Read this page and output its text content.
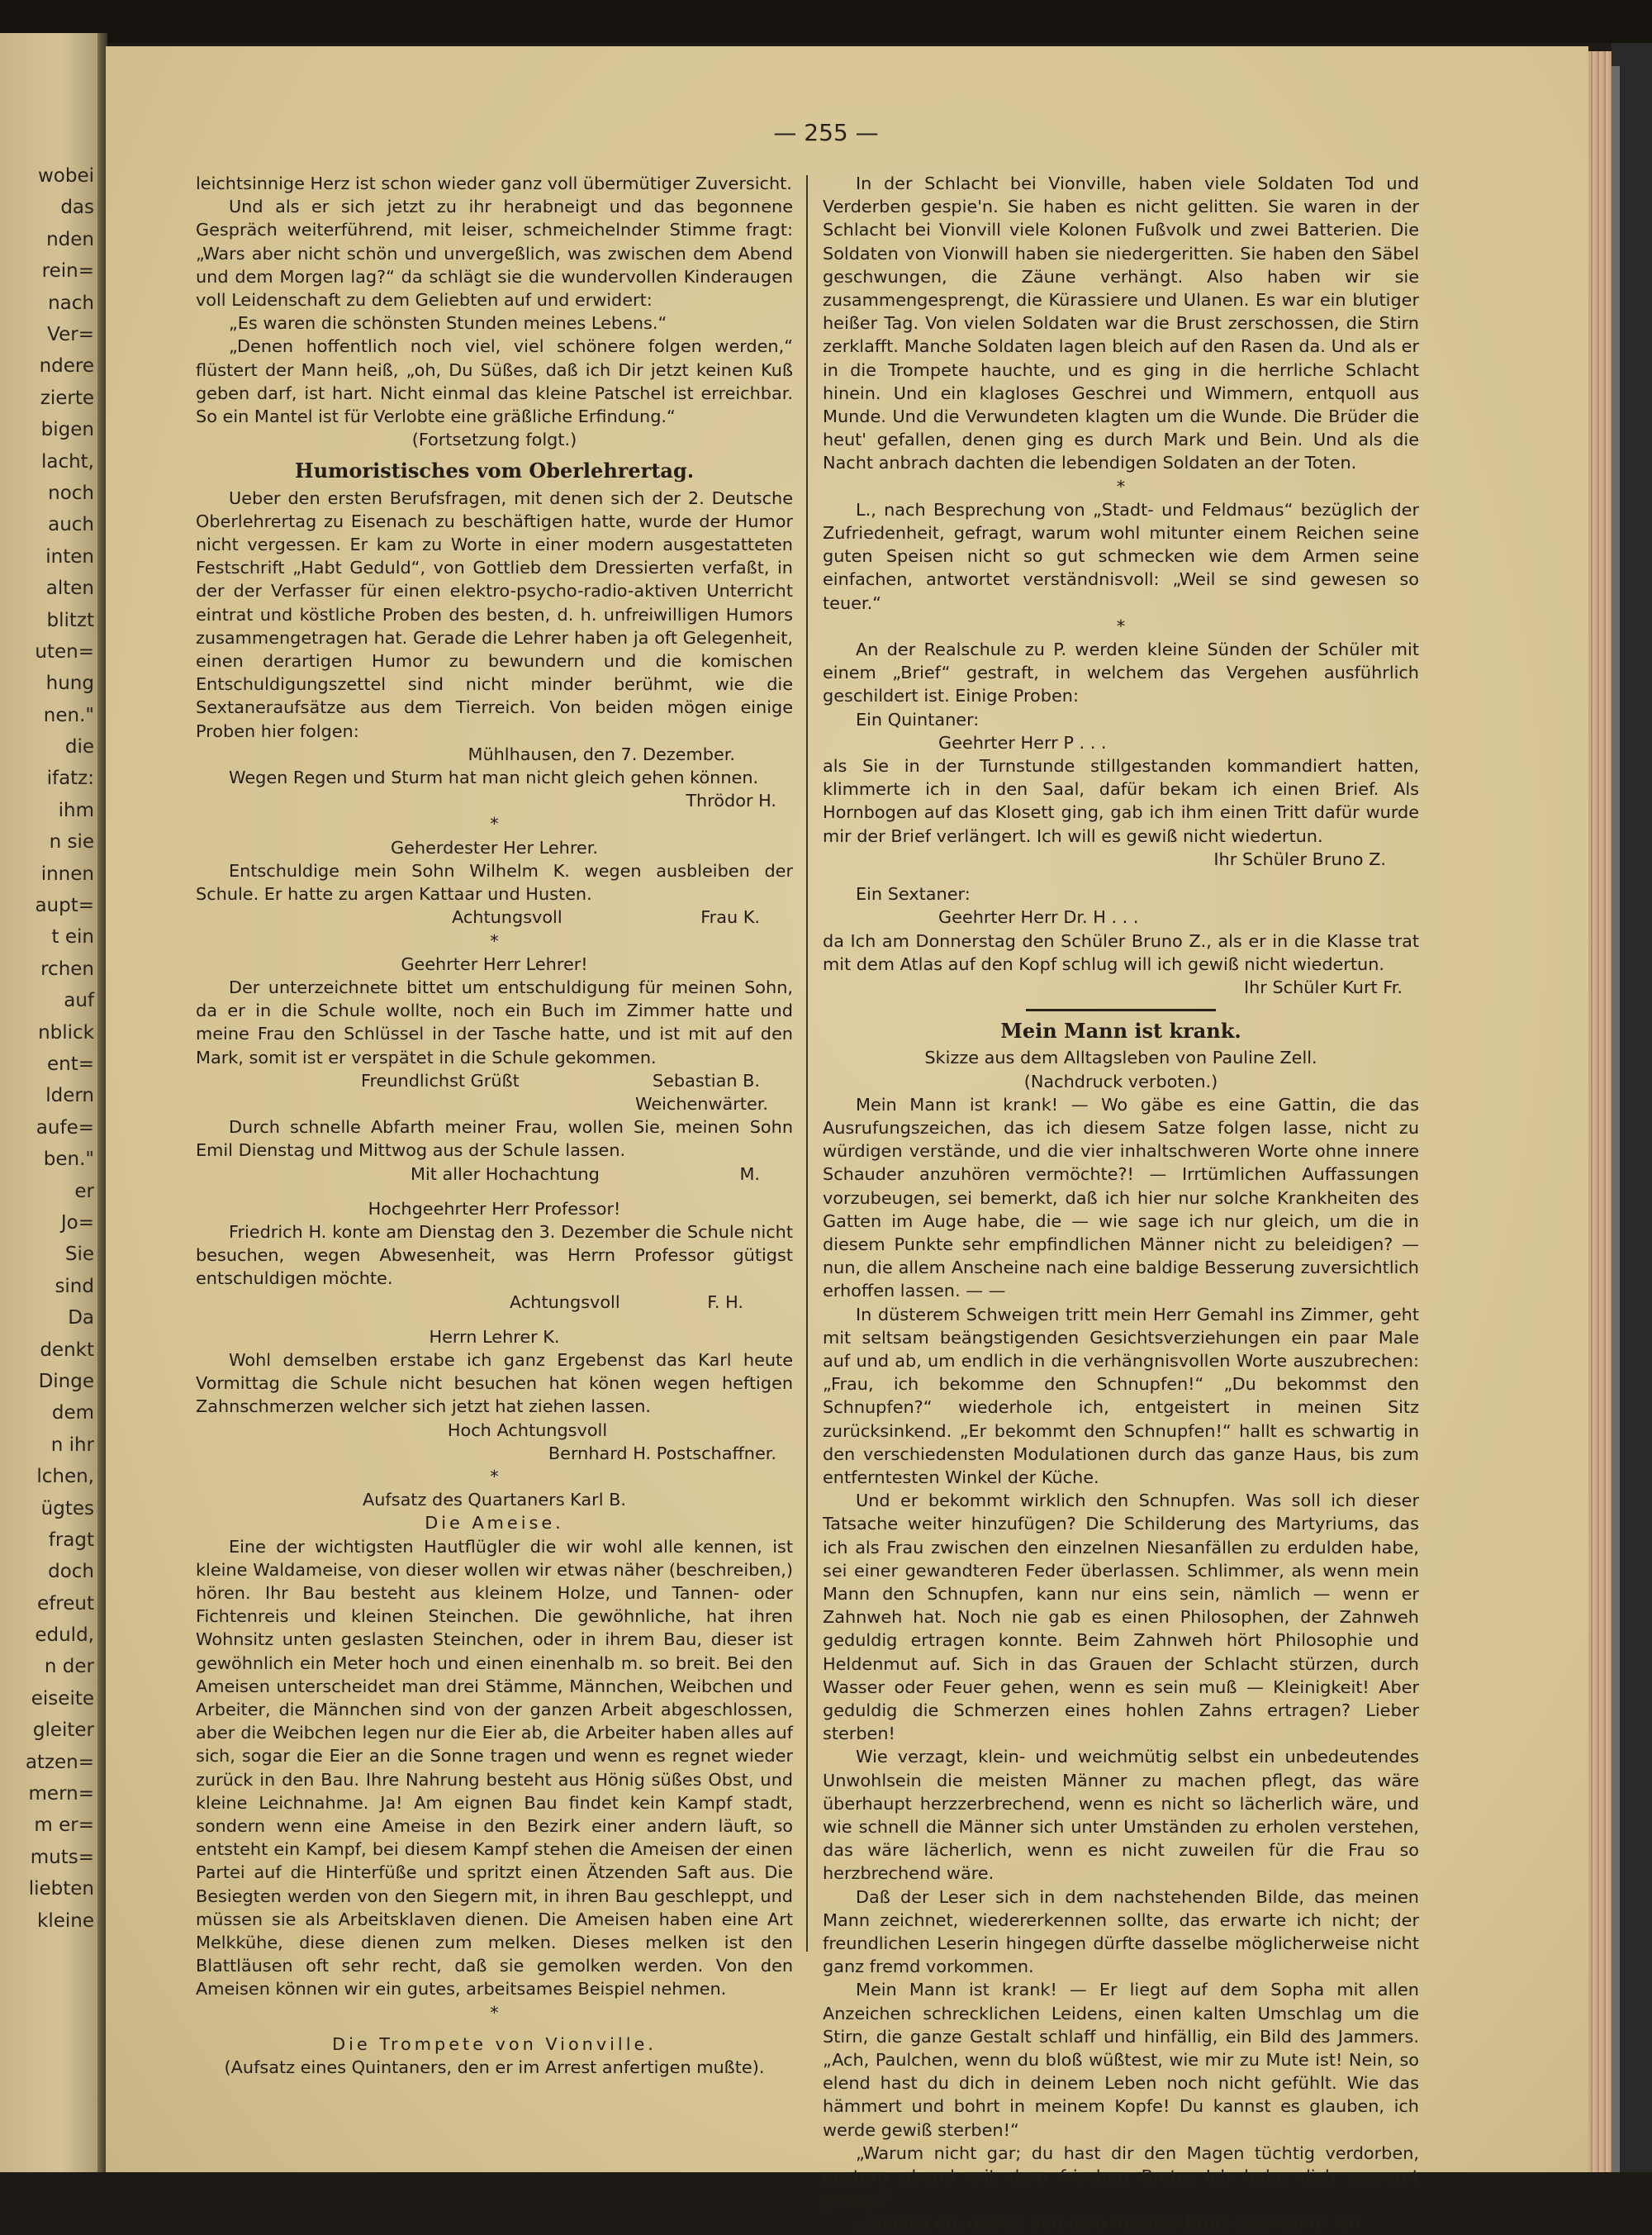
wobei
das
nden
rein=
nach
Ver=
ndere
zierte
bigen
lacht,
noch
auch
inten
alten
blitzt
uten=
hung
nen."
die
ifatz:
ihm
n sie
innen
aupt=
t ein
rchen
auf
nblick
ent=
ldern
aufe=
ben."
er
Jo=
Sie
sind
Da
denkt
Dinge
dem
n ihr
lchen,
ügtes
fragt
doch
efreut
eduld,
n der
eiseite
gleiter
atzen=
mern=
m er=
muts=
liebten
kleine
— 255 —
leichtsinnige Herz ist schon wieder ganz voll übermütiger Zuversicht.
Und als er sich jetzt zu ihr herabneigt und das begonnene Gespräch weiterführend, mit leiser, schmeichelnder Stimme fragt: „Wars aber nicht schön und unvergeßlich, was zwischen dem Abend und dem Morgen lag?“ da schlägt sie die wundervollen Kinderaugen voll Leidenschaft zu dem Geliebten auf und erwidert:
„Es waren die schönsten Stunden meines Lebens.“
„Denen hoffentlich noch viel, viel schönere folgen werden,“ flüstert der Mann heiß, „oh, Du Süßes, daß ich Dir jetzt keinen Kuß geben darf, ist hart. Nicht einmal das kleine Patschel ist erreichbar. So ein Mantel ist für Verlobte eine gräßliche Erfindung.“
(Fortsetzung folgt.)
Humoristisches vom Oberlehrertag.
Ueber den ersten Berufsfragen, mit denen sich der 2. Deutsche Oberlehrertag zu Eisenach zu beschäftigen hatte, wurde der Humor nicht vergessen. Er kam zu Worte in einer modern ausgestatteten Festschrift „Habt Geduld“, von Gottlieb dem Dressierten verfaßt, in der der Verfasser für einen elektro-psycho-radio-aktiven Unterricht eintrat und köstliche Proben des besten, d. h. unfreiwilligen Humors zusammengetragen hat. Gerade die Lehrer haben ja oft Gelegenheit, einen derartigen Humor zu bewundern und die komischen Entschuldigungszettel sind nicht minder berühmt, wie die Sextaneraufsätze aus dem Tierreich. Von beiden mögen einige Proben hier folgen:
Mühlhausen, den 7. Dezember.
Wegen Regen und Sturm hat man nicht gleich gehen können.
Thrödor H.
*
Geherdester Her Lehrer.
Entschuldige mein Sohn Wilhelm K. wegen ausbleiben der Schule. Er hatte zu argen Kattaar und Husten.
Achtungsvoll	Frau K.
*
Geehrter Herr Lehrer!
Der unterzeichnete bittet um entschuldigung für meinen Sohn, da er in die Schule wollte, noch ein Buch im Zimmer hatte und meine Frau den Schlüssel in der Tasche hatte, und ist mit auf den Mark, somit ist er verspätet in die Schule gekommen.
Freundlichst Grüßt	Sebastian B.
Weichenwärter.
Durch schnelle Abfarth meiner Frau, wollen Sie, meinen Sohn Emil Dienstag und Mittwog aus der Schule lassen.
Mit aller Hochachtung	M.
Hochgeehrter Herr Professor!
Friedrich H. konte am Dienstag den 3. Dezember die Schule nicht besuchen, wegen Abwesenheit, was Herrn Professor gütigst entschuldigen möchte.
Achtungsvoll	F. H.
Herrn Lehrer K.
Wohl demselben erstabe ich ganz Ergebenst das Karl heute Vormittag die Schule nicht besuchen hat könen wegen heftigen Zahnschmerzen welcher sich jetzt hat ziehen lassen.
Hoch Achtungsvoll
Bernhard H. Postschaffner.
*
Aufsatz des Quartaners Karl B.
Die Ameise.
Eine der wichtigsten Hautflügler die wir wohl alle kennen, ist kleine Waldameise, von dieser wollen wir etwas näher (beschreiben,) hören. Ihr Bau besteht aus kleinem Holze, und Tannen- oder Fichtenreis und kleinen Steinchen. Die gewöhnliche, hat ihren Wohnsitz unten geslasten Steinchen, oder in ihrem Bau, dieser ist gewöhnlich ein Meter hoch und einen einenhalb m. so breit. Bei den Ameisen unterscheidet man drei Stämme, Männchen, Weibchen und Arbeiter, die Männchen sind von der ganzen Arbeit abgeschlossen, aber die Weibchen legen nur die Eier ab, die Arbeiter haben alles auf sich, sogar die Eier an die Sonne tragen und wenn es regnet wieder zurück in den Bau. Ihre Nahrung besteht aus Hönig süßes Obst, und kleine Leichnahme. Ja! Am eignen Bau findet kein Kampf stadt, sondern wenn eine Ameise in den Bezirk einer andern läuft, so entsteht ein Kampf, bei diesem Kampf stehen die Ameisen der einen Partei auf die Hinterfüße und spritzt einen Ätzenden Saft aus. Die Besiegten werden von den Siegern mit, in ihren Bau geschleppt, und müssen sie als Arbeitsklaven dienen. Die Ameisen haben eine Art Melkkühe, diese dienen zum melken. Dieses melken ist den Blattläusen oft sehr recht, daß sie gemolken werden. Von den Ameisen können wir ein gutes, arbeitsames Beispiel nehmen.
*
Die Trompete von Vionville.
(Aufsatz eines Quintaners, den er im Arrest anfertigen mußte).
In der Schlacht bei Vionville, haben viele Soldaten Tod und Verderben gespie'n. Sie haben es nicht gelitten. Sie waren in der Schlacht bei Vionvill viele Kolonen Fußvolk und zwei Batterien. Die Soldaten von Vionwill haben sie niedergeritten. Sie haben den Säbel geschwungen, die Zäune verhängt. Also haben wir sie zusammengesprengt, die Kürassiere und Ulanen. Es war ein blutiger heißer Tag. Von vielen Soldaten war die Brust zerschossen, die Stirn zerklafft. Manche Soldaten lagen bleich auf den Rasen da. Und als er in die Trompete hauchte, und es ging in die herrliche Schlacht hinein. Und ein klagloses Geschrei und Wimmern, entquoll aus Munde. Und die Verwundeten klagten um die Wunde. Die Brüder die heut' gefallen, denen ging es durch Mark und Bein. Und als die Nacht anbrach dachten die lebendigen Soldaten an der Toten.
*
L., nach Besprechung von „Stadt- und Feldmaus“ bezüglich der Zufriedenheit, gefragt, warum wohl mitunter einem Reichen seine guten Speisen nicht so gut schmecken wie dem Armen seine einfachen, antwortet verständnisvoll: „Weil se sind gewesen so teuer.“
*
An der Realschule zu P. werden kleine Sünden der Schüler mit einem „Brief“ gestraft, in welchem das Vergehen ausführlich geschildert ist. Einige Proben:
Ein Quintaner:
Geehrter Herr P . . .
als Sie in der Turnstunde stillgestanden kommandiert hatten, klimmerte ich in den Saal, dafür bekam ich einen Brief. Als Hornbogen auf das Klosett ging, gab ich ihm einen Tritt dafür wurde mir der Brief verlängert. Ich will es gewiß nicht wiedertun.
Ihr Schüler Bruno Z.
Ein Sextaner:
Geehrter Herr Dr. H . . .
da Ich am Donnerstag den Schüler Bruno Z., als er in die Klasse trat mit dem Atlas auf den Kopf schlug will ich gewiß nicht wiedertun.
Ihr Schüler Kurt Fr.
Mein Mann ist krank.
Skizze aus dem Alltagsleben von Pauline Zell.
(Nachdruck verboten.)
Mein Mann ist krank! — Wo gäbe es eine Gattin, die das Ausrufungszeichen, das ich diesem Satze folgen lasse, nicht zu würdigen verstände, und die vier inhaltschweren Worte ohne innere Schauder anzuhören vermöchte?! — Irrtümlichen Auffassungen vorzubeugen, sei bemerkt, daß ich hier nur solche Krankheiten des Gatten im Auge habe, die — wie sage ich nur gleich, um die in diesem Punkte sehr empfindlichen Männer nicht zu beleidigen? — nun, die allem Anscheine nach eine baldige Besserung zuversichtlich erhoffen lassen. — —
In düsterem Schweigen tritt mein Herr Gemahl ins Zimmer, geht mit seltsam beängstigenden Gesichtsverziehungen ein paar Male auf und ab, um endlich in die verhängnisvollen Worte auszubrechen: „Frau, ich bekomme den Schnupfen!“ „Du bekommst den Schnupfen?“ wiederhole ich, entgeistert in meinen Sitz zurücksinkend. „Er bekommt den Schnupfen!“ hallt es schwartig in den verschiedensten Modulationen durch das ganze Haus, bis zum entferntesten Winkel der Küche.
Und er bekommt wirklich den Schnupfen. Was soll ich dieser Tatsache weiter hinzufügen? Die Schilderung des Martyriums, das ich als Frau zwischen den einzelnen Niesanfällen zu erdulden habe, sei einer gewandteren Feder überlassen. Schlimmer, als wenn mein Mann den Schnupfen, kann nur eins sein, nämlich — wenn er Zahnweh hat. Noch nie gab es einen Philosophen, der Zahnweh geduldig ertragen konnte. Beim Zahnweh hört Philosophie und Heldenmut auf. Sich in das Grauen der Schlacht stürzen, durch Wasser oder Feuer gehen, wenn es sein muß — Kleinigkeit! Aber geduldig die Schmerzen eines hohlen Zahns ertragen? Lieber sterben!
Wie verzagt, klein- und weichmütig selbst ein unbedeutendes Unwohlsein die meisten Männer zu machen pflegt, das wäre überhaupt herzzerbrechend, wenn es nicht so lächerlich wäre, und wie schnell die Männer sich unter Umständen zu erholen verstehen, das wäre lächerlich, wenn es nicht zuweilen für die Frau so herzbrechend wäre.
Daß der Leser sich in dem nachstehenden Bilde, das meinen Mann zeichnet, wiedererkennen sollte, das erwarte ich nicht; der freundlichen Leserin hingegen dürfte dasselbe möglicherweise nicht ganz fremd vorkommen.
Mein Mann ist krank! — Er liegt auf dem Sopha mit allen Anzeichen schrecklichen Leidens, einen kalten Umschlag um die Stirn, die ganze Gestalt schlaff und hinfällig, ein Bild des Jammers. „Ach, Paulchen, wenn du bloß wüßtest, wie mir zu Mute ist! Nein, so elend hast du dich in deinem Leben noch nicht gefühlt. Wie das hämmert und bohrt in meinem Kopfe! Du kannst es glauben, ich werde gewiß sterben!“
„Warum nicht gar; du hast dir den Magen tüchtig verdorben, gestern abend mit dem frischen Brote. Ich habe dich gewarnt genug.“
„Glaubst du, daß es von dem frischen Brote sein kann? Ich
